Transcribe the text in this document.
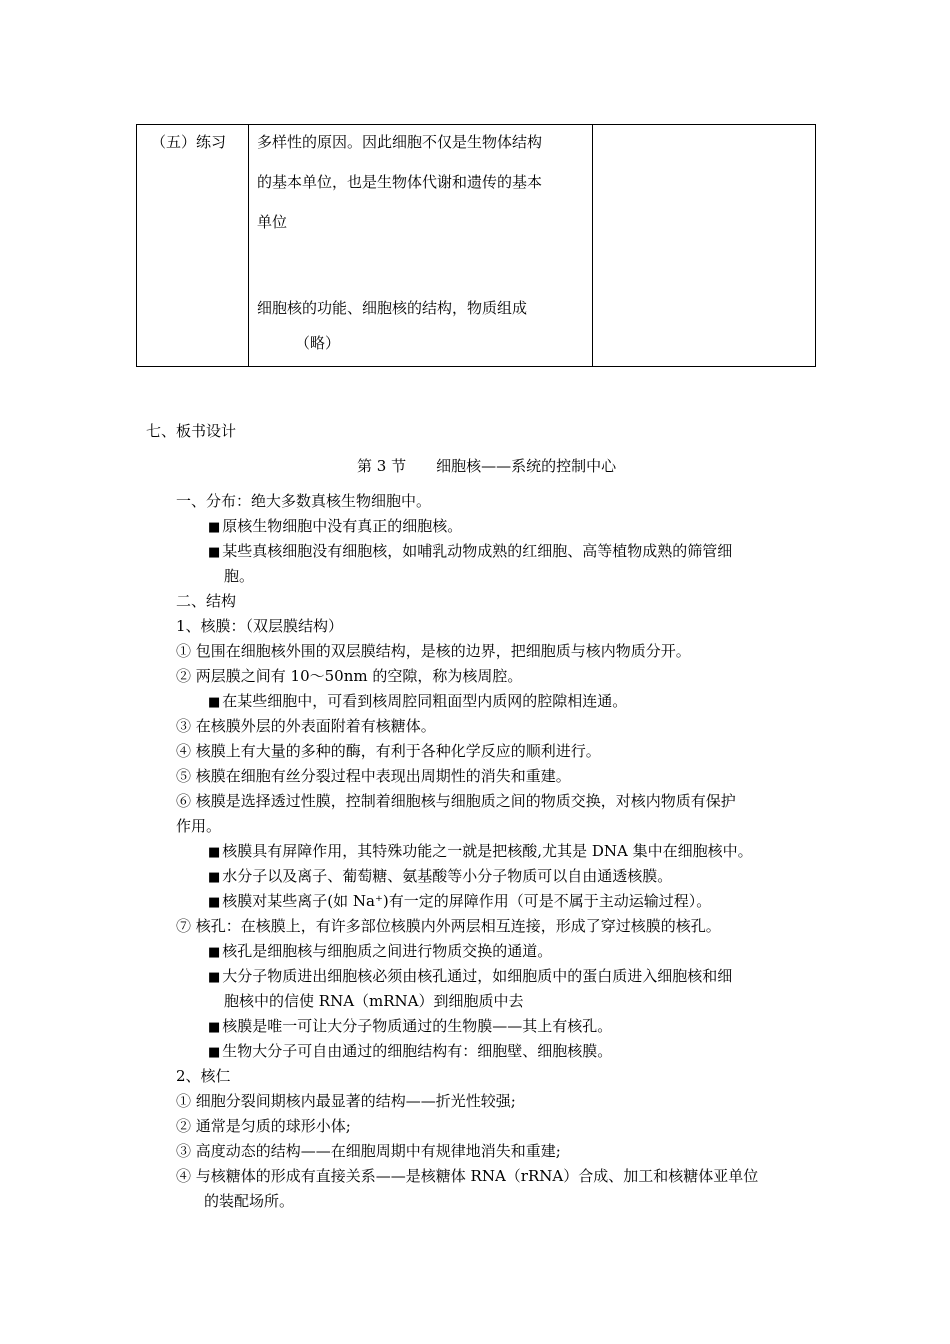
（五）练习 多样性的原因。因此细胞不仅是生物体结构
的基本单位，也是生物体代谢和遗传的基本
单位
细胞核的功能、细胞核的结构，物质组成
（略）
七、板书设计
第 3 节　　细胞核——系统的控制中心
一、分布：绝大多数真核生物细胞中。
■ 原核生物细胞中没有真正的细胞核。
■ 某些真核细胞没有细胞核，如哺乳动物成熟的红细胞、高等植物成熟的筛管细
胞。
二、结构
1、核膜：（双层膜结构）
① 包围在细胞核外围的双层膜结构，是核的边界，把细胞质与核内物质分开。
② 两层膜之间有 10～50nm 的空隙，称为核周腔。
■ 在某些细胞中，可看到核周腔同粗面型内质网的腔隙相连通。
③ 在核膜外层的外表面附着有核糖体。
④ 核膜上有大量的多种的酶，有利于各种化学反应的顺利进行。
⑤ 核膜在细胞有丝分裂过程中表现出周期性的消失和重建。
⑥ 核膜是选择透过性膜，控制着细胞核与细胞质之间的物质交换，对核内物质有保护
作用。
■ 核膜具有屏障作用，其特殊功能之一就是把核酸,尤其是 DNA 集中在细胞核中。
■ 水分子以及离子、葡萄糖、氨基酸等小分子物质可以自由通透核膜。
■ 核膜对某些离子(如 Na⁺)有一定的屏障作用（可是不属于主动运输过程）。
⑦ 核孔：在核膜上，有许多部位核膜内外两层相互连接，形成了穿过核膜的核孔。
■ 核孔是细胞核与细胞质之间进行物质交换的通道。
■ 大分子物质进出细胞核必须由核孔通过，如细胞质中的蛋白质进入细胞核和细
胞核中的信使 RNA（mRNA）到细胞质中去
■ 核膜是唯一可让大分子物质通过的生物膜——其上有核孔。
■ 生物大分子可自由通过的细胞结构有：细胞壁、细胞核膜。
2、核仁
① 细胞分裂间期核内最显著的结构——折光性较强;
② 通常是匀质的球形小体;
③ 高度动态的结构——在细胞周期中有规律地消失和重建;
④ 与核糖体的形成有直接关系——是核糖体 RNA（rRNA）合成、加工和核糖体亚单位
的装配场所。
